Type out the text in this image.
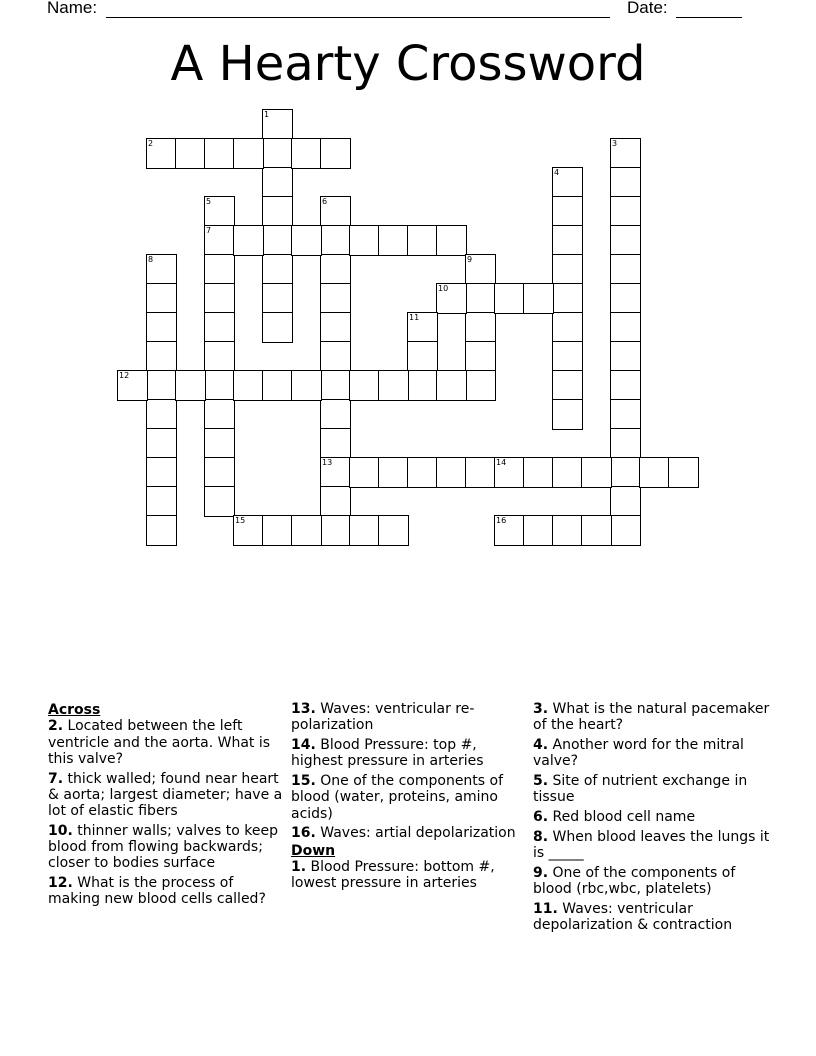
Name:	Date:
A Hearty Crossword
1
2	3
4
5
7
6
13
8	9
10
11
12
14
15	16
Across
2. Located between the left ventricle and the aorta. What is this valve?
7. thick walled; found near heart & aorta; largest diameter; have a lot of elastic fibers
10. thinner walls; valves to keep blood from flowing backwards; closer to bodies surface
12. What is the process of making new blood cells called?
13. Waves: ventricular re-polarization
14. Blood Pressure: top #, highest pressure in arteries
15. One of the components of blood (water, proteins, amino acids)
16. Waves: artial depolarization
Down
1. Blood Pressure: bottom #, lowest pressure in arteries
3. What is the natural pacemaker of the heart?
4. Another word for the mitral valve?
5. Site of nutrient exchange in tissue
6. Red blood cell name
8. When blood leaves the lungs it is _____
9. One of the components of blood (rbc,wbc, platelets)
11. Waves: ventricular depolarization & contraction
